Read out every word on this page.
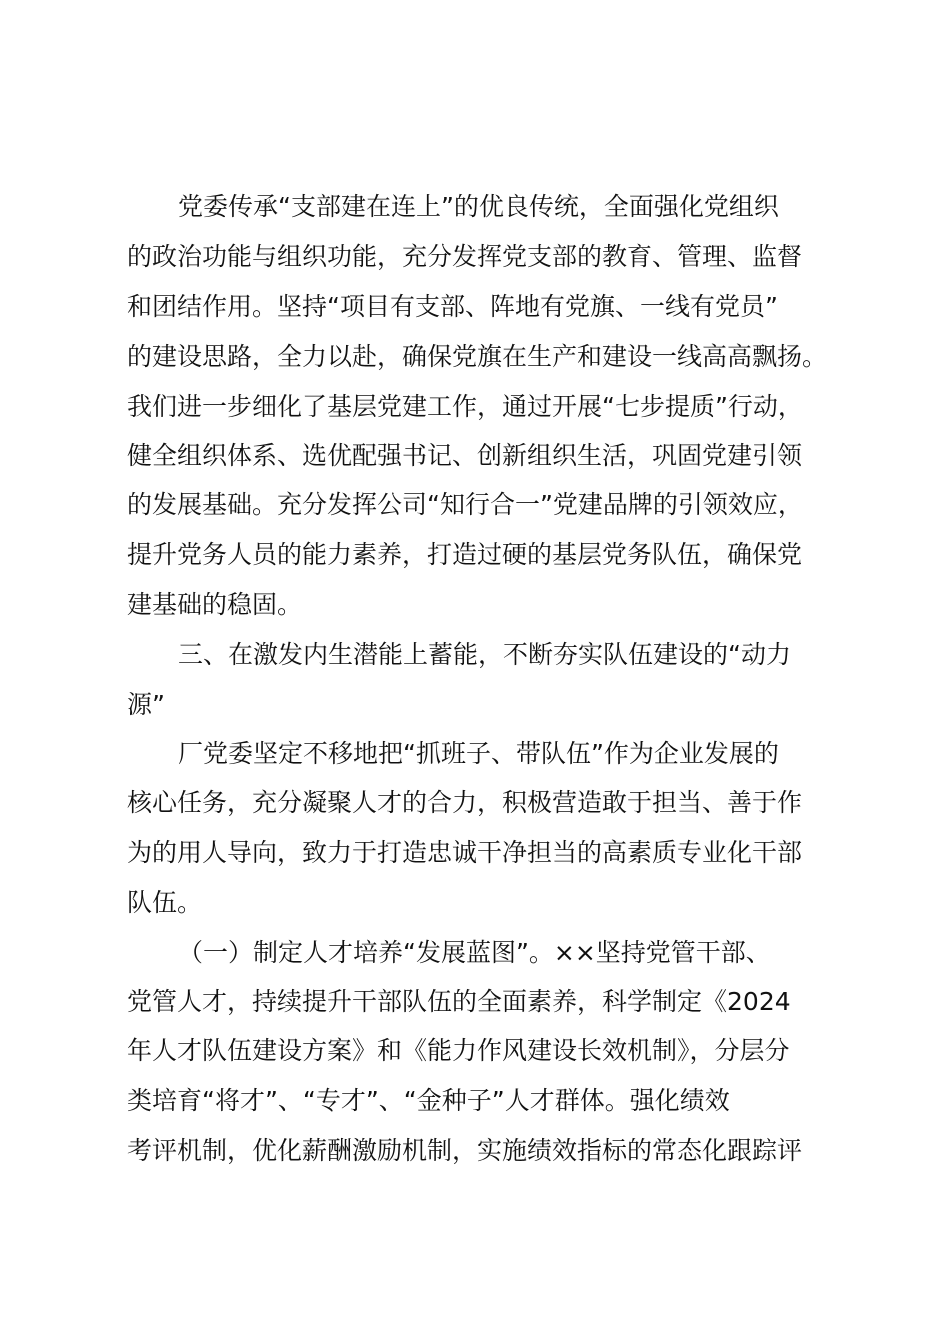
党委传承“支部建在连上”的优良传统，全面强化党组织
的政治功能与组织功能，充分发挥党支部的教育、管理、监督
和团结作用。坚持“项目有支部、阵地有党旗、一线有党员”
的建设思路，全力以赴，确保党旗在生产和建设一线高高飘扬。
我们进一步细化了基层党建工作，通过开展“七步提质”行动，
健全组织体系、选优配强书记、创新组织生活，巩固党建引领
的发展基础。充分发挥公司“知行合一”党建品牌的引领效应，
提升党务人员的能力素养，打造过硬的基层党务队伍，确保党
建基础的稳固。
三、在激发内生潜能上蓄能，不断夯实队伍建设的“动力
源”
厂党委坚定不移地把“抓班子、带队伍”作为企业发展的
核心任务，充分凝聚人才的合力，积极营造敢于担当、善于作
为的用人导向，致力于打造忠诚干净担当的高素质专业化干部
队伍。
（一）制定人才培养“发展蓝图”。××坚持党管干部、
党管人才，持续提升干部队伍的全面素养，科学制定《2024
年人才队伍建设方案》和《能力作风建设长效机制》，分层分
类培育“将才”、“专才”、“金种子”人才群体。强化绩效
考评机制，优化薪酬激励机制，实施绩效指标的常态化跟踪评
